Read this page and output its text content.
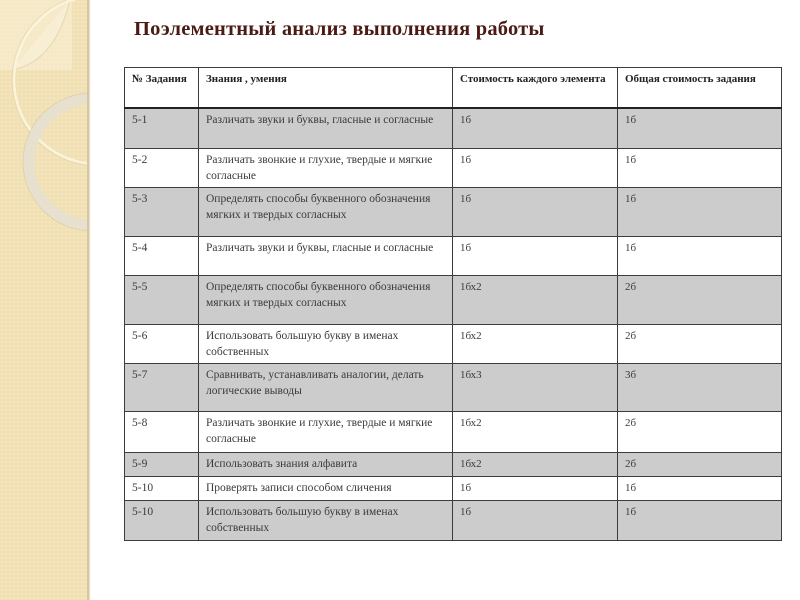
Поэлементный анализ выполнения работы
№ Задания	Знания , умения	Стоимость каждого элемента	Общая стоимость задания
5-1	Различать звуки и буквы, гласные и согласные	1б	1б
5-2	Различать звонкие и глухие, твердые и мягкие согласные	1б	1б
5-3	Определять способы буквенного обозначения мягких и твердых согласных	1б	1б
5-4	Различать звуки и буквы, гласные и согласные	1б	1б
5-5	Определять способы буквенного обозначения мягких и твердых согласных	1бх2	2б
5-6	Использовать большую букву в именах собственных	1бх2	2б
5-7	Сравнивать, устанавливать аналогии, делать логические выводы	1бх3	3б
5-8	Различать звонкие и глухие, твердые и мягкие согласные	1бх2	2б
5-9	Использовать знания алфавита	1бх2	2б
5-10	Проверять записи способом сличения	1б	1б
5-10	Использовать большую букву в именах собственных	1б	1б
